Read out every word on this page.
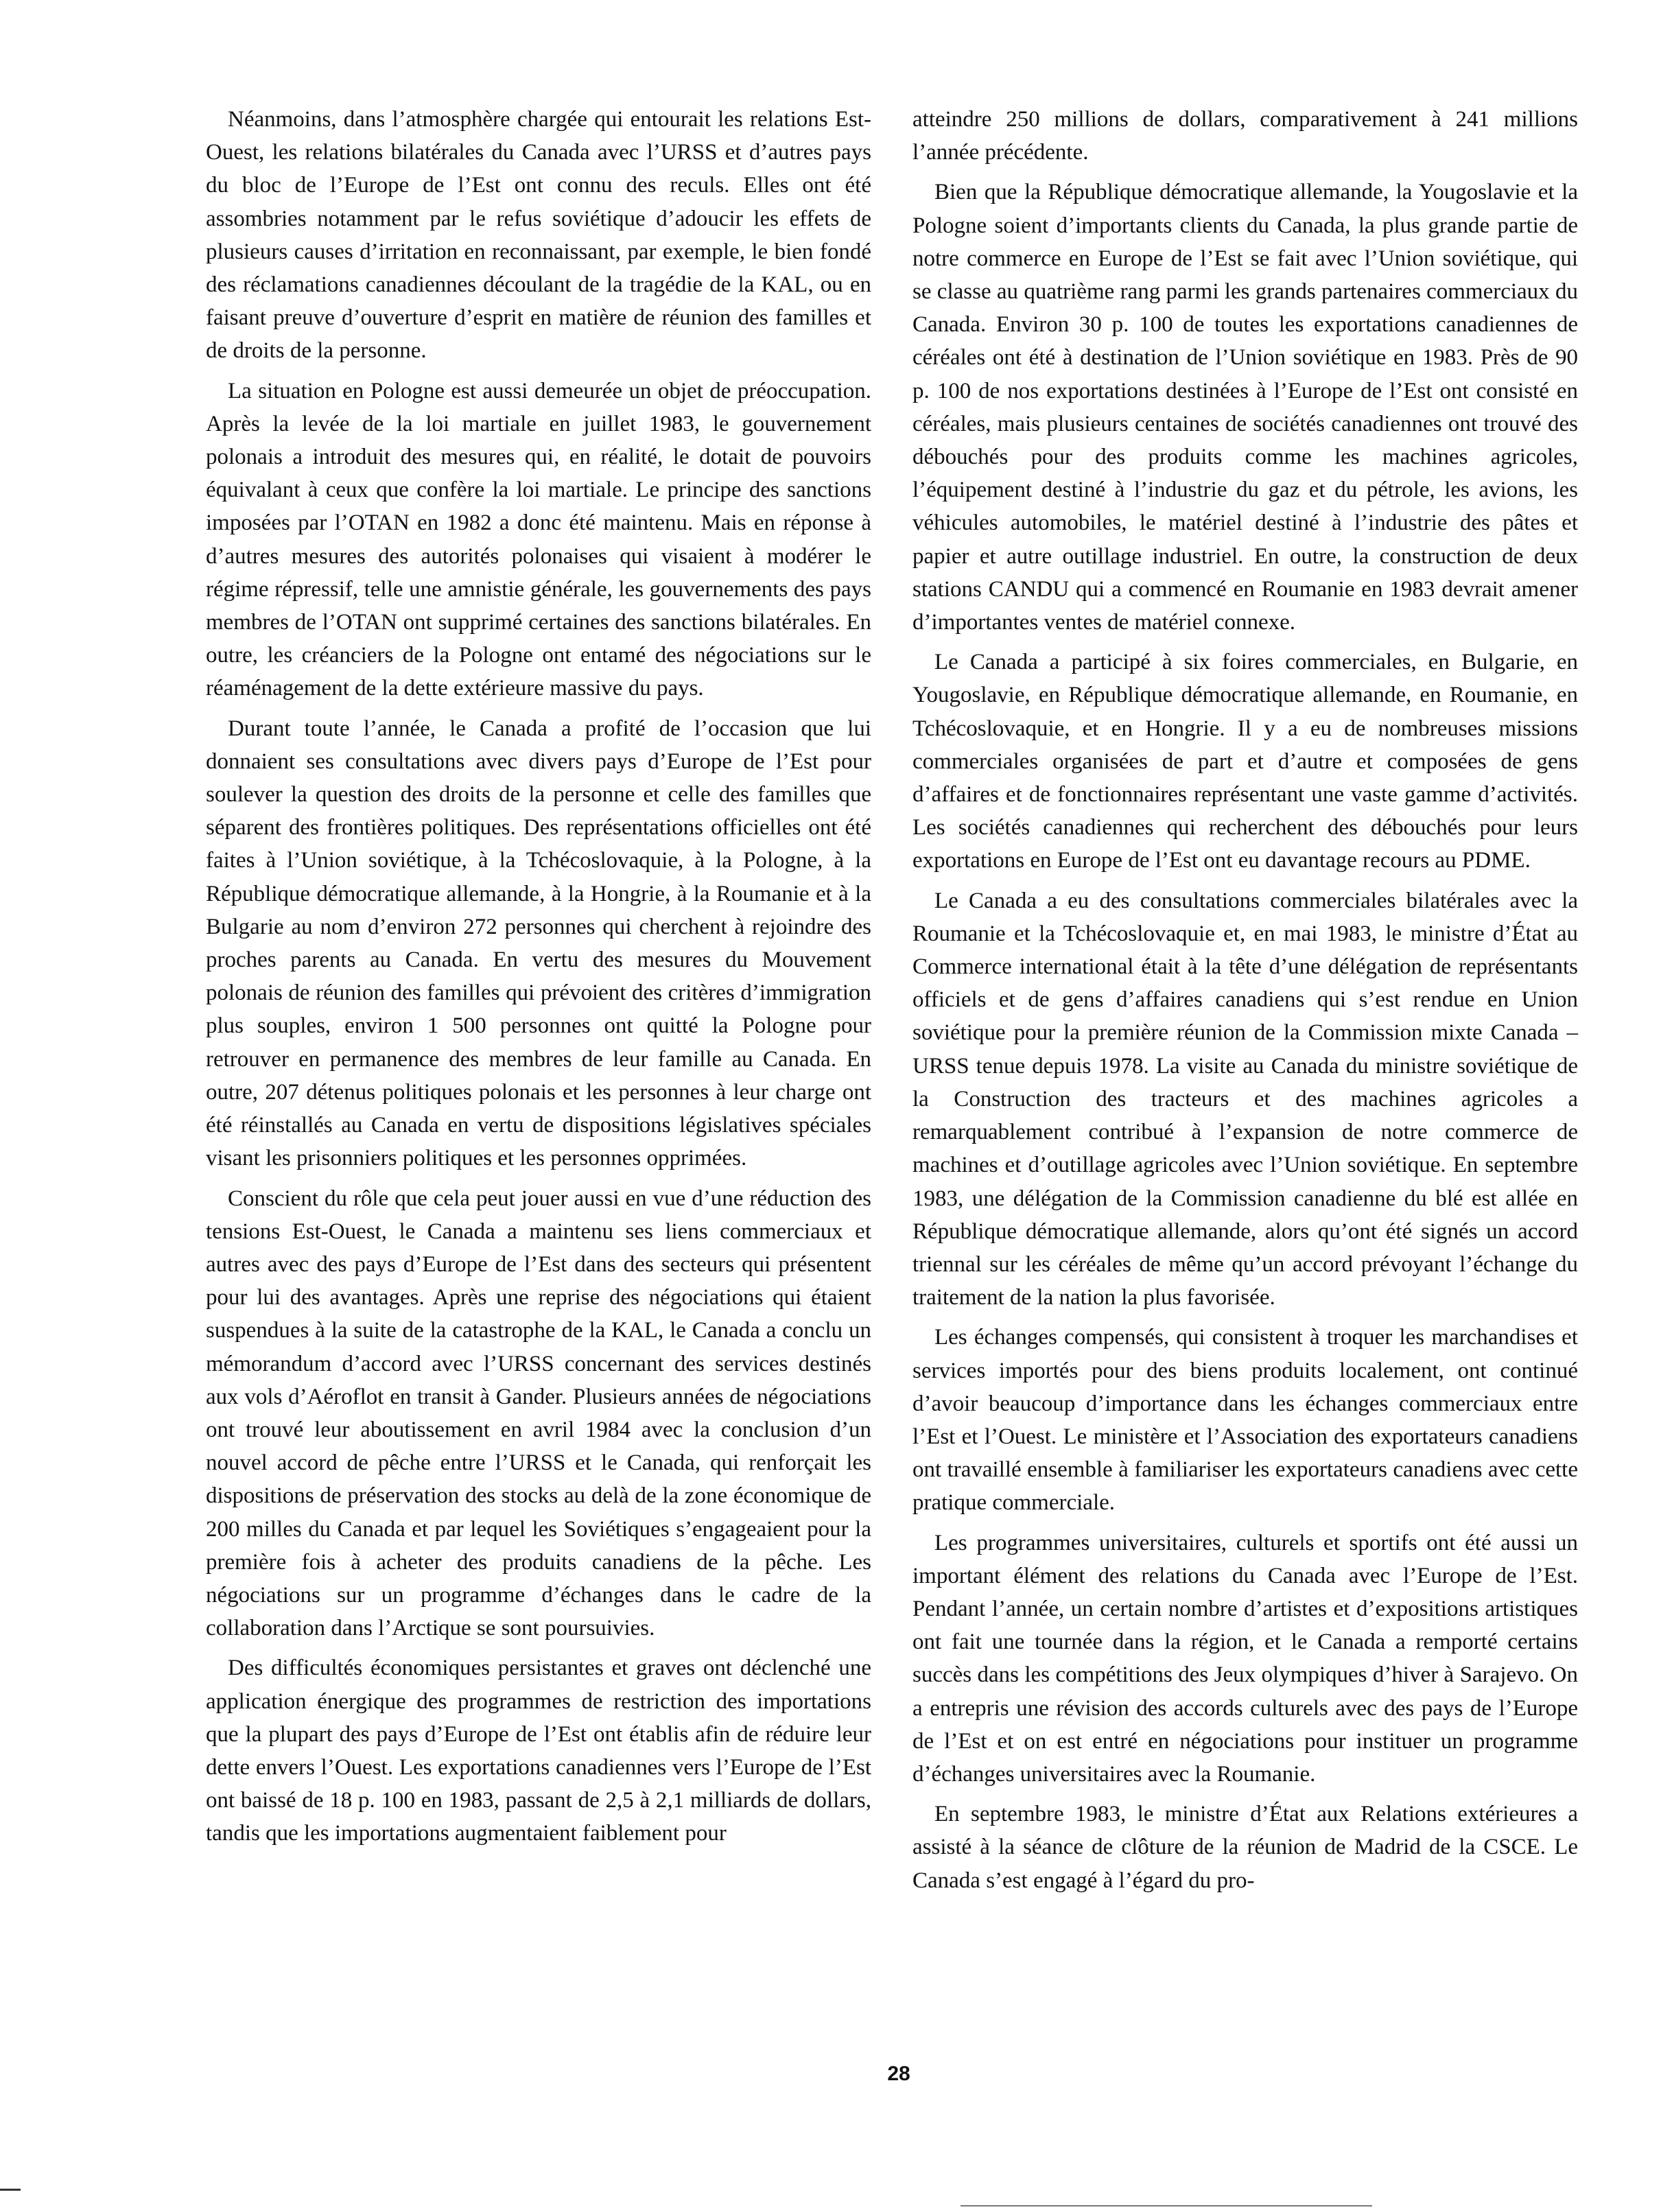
Néanmoins, dans l’atmosphère chargée qui entourait les relations Est-Ouest, les relations bilatérales du Canada avec l’URSS et d’autres pays du bloc de l’Europe de l’Est ont connu des reculs. Elles ont été assombries notamment par le refus soviétique d’adoucir les effets de plusieurs causes d’irritation en reconnaissant, par exemple, le bien fondé des réclamations canadiennes découlant de la tragédie de la KAL, ou en faisant preuve d’ouverture d’esprit en matière de réunion des familles et de droits de la personne.

La situation en Pologne est aussi demeurée un objet de préoccupation. Après la levée de la loi martiale en juillet 1983, le gouvernement polonais a introduit des mesures qui, en réalité, le dotait de pouvoirs équivalant à ceux que confère la loi martiale. Le principe des sanctions imposées par l’OTAN en 1982 a donc été maintenu. Mais en réponse à d’autres mesures des autorités polonaises qui visaient à modérer le régime répressif, telle une amnistie générale, les gouvernements des pays membres de l’OTAN ont supprimé certaines des sanctions bilatérales. En outre, les créanciers de la Pologne ont entamé des négociations sur le réaménagement de la dette extérieure massive du pays.

Durant toute l’année, le Canada a profité de l’occasion que lui donnaient ses consultations avec divers pays d’Europe de l’Est pour soulever la question des droits de la personne et celle des familles que séparent des frontières politiques. Des représentations officielles ont été faites à l’Union soviétique, à la Tchécoslovaquie, à la Pologne, à la République démocratique allemande, à la Hongrie, à la Roumanie et à la Bulgarie au nom d’environ 272 personnes qui cherchent à rejoindre des proches parents au Canada. En vertu des mesures du Mouvement polonais de réunion des familles qui prévoient des critères d’immigration plus souples, environ 1 500 personnes ont quitté la Pologne pour retrouver en permanence des membres de leur famille au Canada. En outre, 207 détenus politiques polonais et les personnes à leur charge ont été réinstallés au Canada en vertu de dispositions législatives spéciales visant les prisonniers politiques et les personnes opprimées.

Conscient du rôle que cela peut jouer aussi en vue d’une réduction des tensions Est-Ouest, le Canada a maintenu ses liens commerciaux et autres avec des pays d’Europe de l’Est dans des secteurs qui présentent pour lui des avantages. Après une reprise des négociations qui étaient suspendues à la suite de la catastrophe de la KAL, le Canada a conclu un mémorandum d’accord avec l’URSS concernant des services destinés aux vols d’Aéroflot en transit à Gander. Plusieurs années de négociations ont trouvé leur aboutissement en avril 1984 avec la conclusion d’un nouvel accord de pêche entre l’URSS et le Canada, qui renforçait les dispositions de préservation des stocks au delà de la zone économique de 200 milles du Canada et par lequel les Soviétiques s’engageaient pour la première fois à acheter des produits canadiens de la pêche. Les négociations sur un programme d’échanges dans le cadre de la collaboration dans l’Arctique se sont poursuivies.

Des difficultés économiques persistantes et graves ont déclenché une application énergique des programmes de restriction des importations que la plupart des pays d’Europe de l’Est ont établis afin de réduire leur dette envers l’Ouest. Les exportations canadiennes vers l’Europe de l’Est ont baissé de 18 p. 100 en 1983, passant de 2,5 à 2,1 milliards de dollars, tandis que les importations augmentaient faiblement pour

atteindre 250 millions de dollars, comparativement à 241 millions l’année précédente.

Bien que la République démocratique allemande, la Yougoslavie et la Pologne soient d’importants clients du Canada, la plus grande partie de notre commerce en Europe de l’Est se fait avec l’Union soviétique, qui se classe au quatrième rang parmi les grands partenaires commerciaux du Canada. Environ 30 p. 100 de toutes les exportations canadiennes de céréales ont été à destination de l’Union soviétique en 1983. Près de 90 p. 100 de nos exportations destinées à l’Europe de l’Est ont consisté en céréales, mais plusieurs centaines de sociétés canadiennes ont trouvé des débouchés pour des produits comme les machines agricoles, l’équipement destiné à l’industrie du gaz et du pétrole, les avions, les véhicules automobiles, le matériel destiné à l’industrie des pâtes et papier et autre outillage industriel. En outre, la construction de deux stations CANDU qui a commencé en Roumanie en 1983 devrait amener d’importantes ventes de matériel connexe.

Le Canada a participé à six foires commerciales, en Bulgarie, en Yougoslavie, en République démocratique allemande, en Roumanie, en Tchécoslovaquie, et en Hongrie. Il y a eu de nombreuses missions commerciales organisées de part et d’autre et composées de gens d’affaires et de fonctionnaires représentant une vaste gamme d’activités. Les sociétés canadiennes qui recherchent des débouchés pour leurs exportations en Europe de l’Est ont eu davantage recours au PDME.

Le Canada a eu des consultations commerciales bilatérales avec la Roumanie et la Tchécoslovaquie et, en mai 1983, le ministre d’État au Commerce international était à la tête d’une délégation de représentants officiels et de gens d’affaires canadiens qui s’est rendue en Union soviétique pour la première réunion de la Commission mixte Canada – URSS tenue depuis 1978. La visite au Canada du ministre soviétique de la Construction des tracteurs et des machines agricoles a remarquablement contribué à l’expansion de notre commerce de machines et d’outillage agricoles avec l’Union soviétique. En septembre 1983, une délégation de la Commission canadienne du blé est allée en République démocratique allemande, alors qu’ont été signés un accord triennal sur les céréales de même qu’un accord prévoyant l’échange du traitement de la nation la plus favorisée.

Les échanges compensés, qui consistent à troquer les marchandises et services importés pour des biens produits localement, ont continué d’avoir beaucoup d’importance dans les échanges commerciaux entre l’Est et l’Ouest. Le ministère et l’Association des exportateurs canadiens ont travaillé ensemble à familiariser les exportateurs canadiens avec cette pratique commerciale.

Les programmes universitaires, culturels et sportifs ont été aussi un important élément des relations du Canada avec l’Europe de l’Est. Pendant l’année, un certain nombre d’artistes et d’expositions artistiques ont fait une tournée dans la région, et le Canada a remporté certains succès dans les compétitions des Jeux olympiques d’hiver à Sarajevo. On a entrepris une révision des accords culturels avec des pays de l’Europe de l’Est et on est entré en négociations pour instituer un programme d’échanges universitaires avec la Roumanie.

En septembre 1983, le ministre d’État aux Relations extérieures a assisté à la séance de clôture de la réunion de Madrid de la CSCE. Le Canada s’est engagé à l’égard du pro-

28
